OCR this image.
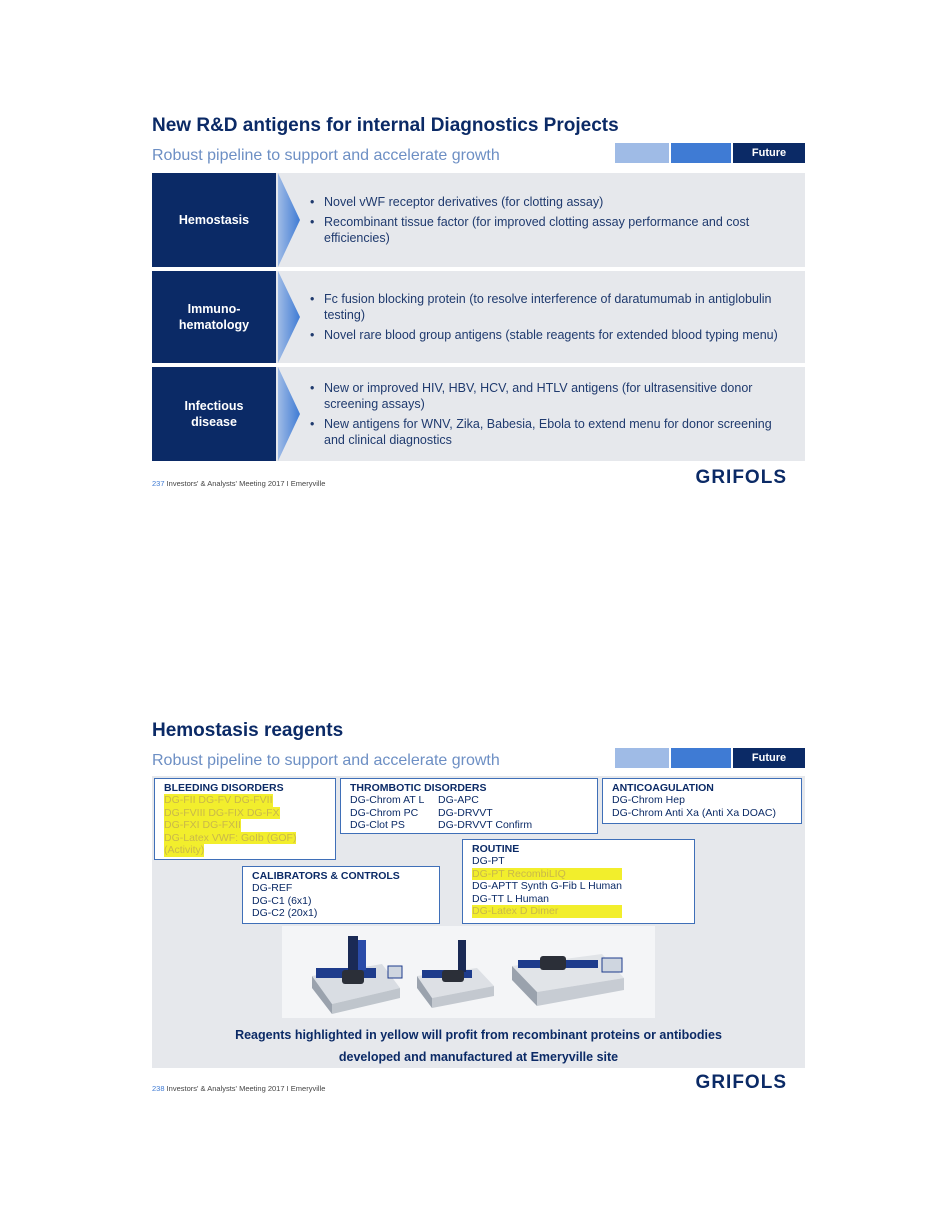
New R&D antigens for internal Diagnostics Projects
Robust pipeline to support and accelerate growth	Future
Hemostasis
• Novel vWF receptor derivatives (for clotting assay)
• Recombinant tissue factor (for improved clotting assay performance and cost efficiencies)
Immuno-hematology
• Fc fusion blocking protein (to resolve interference of daratumumab in antiglobulin testing)
• Novel rare blood group antigens (stable reagents for extended blood typing menu)
Infectious disease
• New or improved HIV, HBV, HCV, and HTLV antigens (for ultrasensitive donor screening assays)
• New antigens for WNV, Zika, Babesia, Ebola to extend menu for donor screening and clinical diagnostics
237 Investors' & Analysts' Meeting 2017 I Emeryville	GRIFOLS
Hemostasis reagents
Robust pipeline to support and accelerate growth	Future
BLEEDING DISORDERS
DG-FII DG-FV DG-FVII
DG-FVIII DG-FIX DG-FX
DG-FXI DG-FXII
DG-Latex VWF: GoIb (GOF)
(Activity)
THROMBOTIC DISORDERS
DG-Chrom AT L	DG-APC
DG-Chrom PC	DG-DRVVT
DG-Clot PS	DG-DRVVT Confirm
ANTICOAGULATION
DG-Chrom Hep
DG-Chrom Anti Xa (Anti Xa DOAC)
ROUTINE
DG-PT
DG-PT RecombiLIQ
DG-APTT Synth G-Fib L Human
DG-TT L Human
DG-Latex D Dimer
CALIBRATORS & CONTROLS
DG-REF
DG-C1 (6x1)
DG-C2 (20x1)
Reagents highlighted in yellow will profit from recombinant proteins or antibodies
developed and manufactured at Emeryville site
238 Investors' & Analysts' Meeting 2017 I Emeryville	GRIFOLS
